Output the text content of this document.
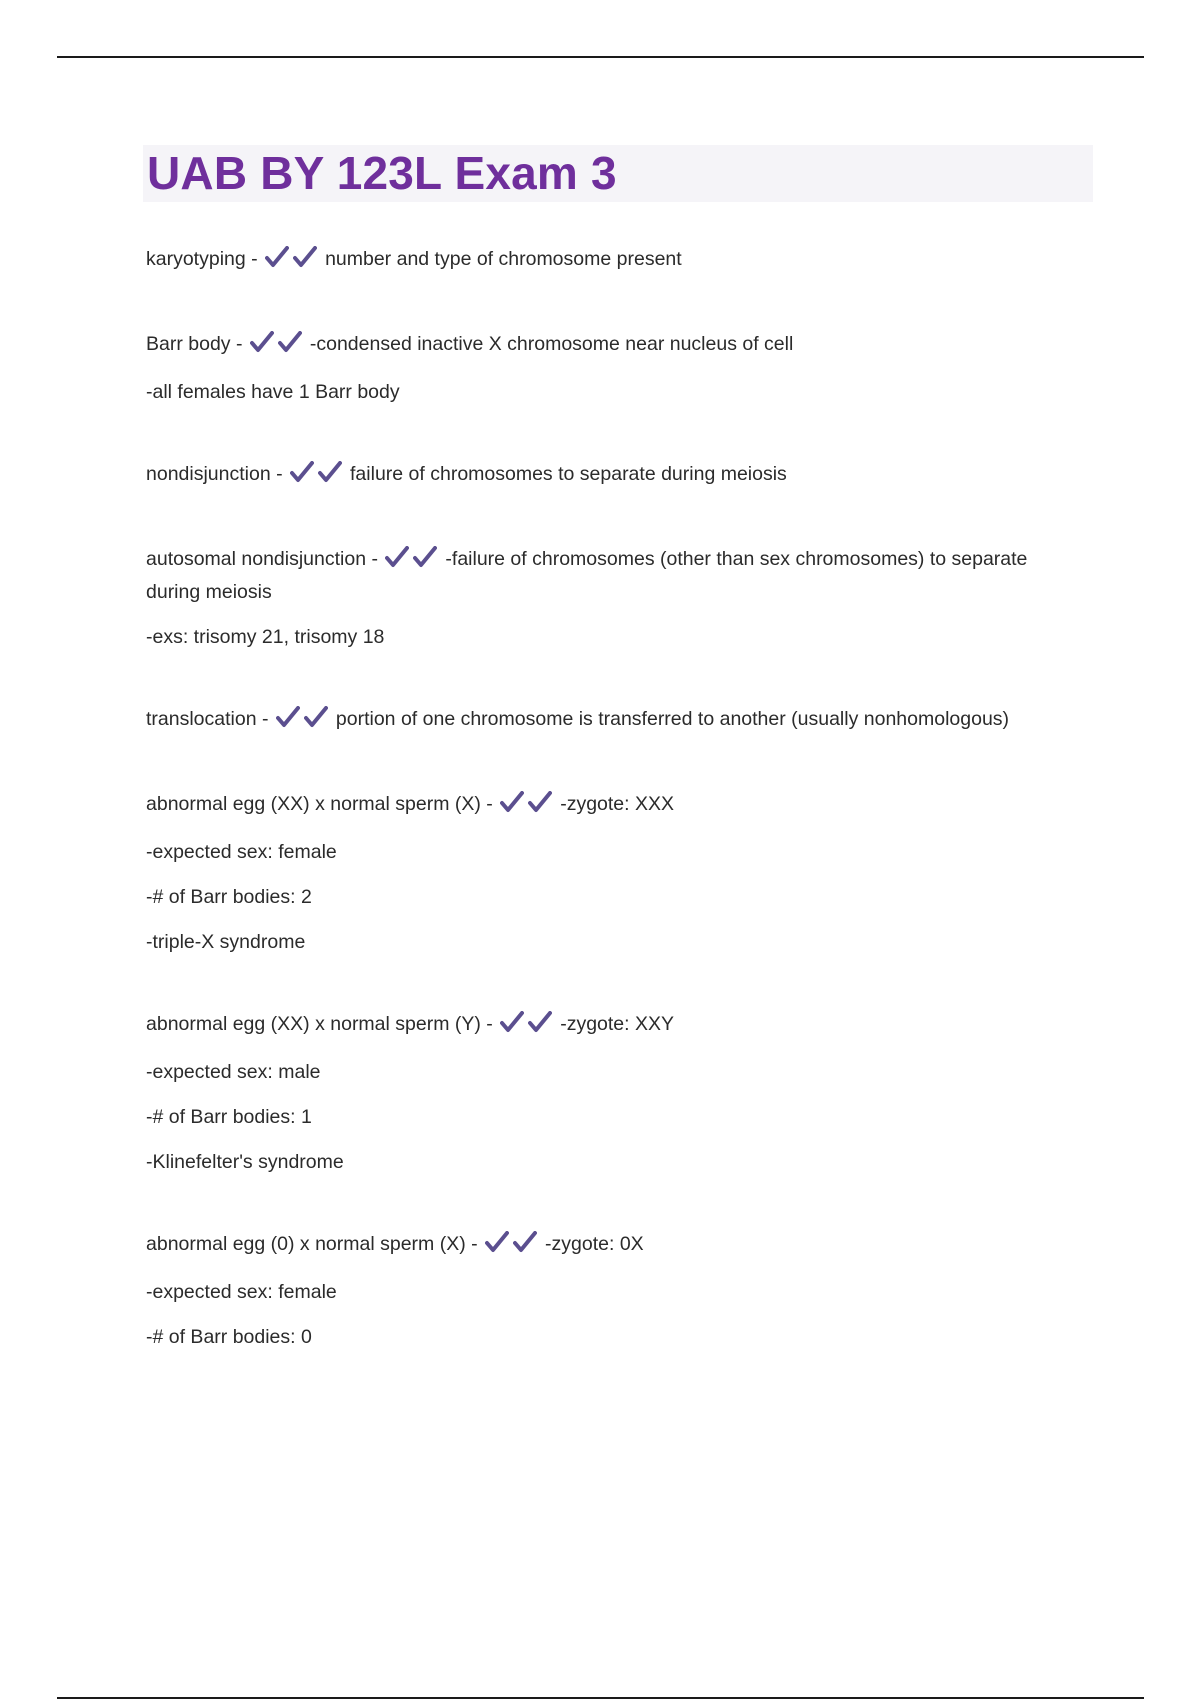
UAB BY 123L Exam 3
karyotyping -	number and type of chromosome present
Barr body -	-condensed inactive X chromosome near nucleus of cell
-all females have 1 Barr body
nondisjunction -	failure of chromosomes to separate during meiosis
autosomal nondisjunction -	-failure of chromosomes (other than sex chromosomes) to separate during meiosis
-exs: trisomy 21, trisomy 18
translocation -	portion of one chromosome is transferred to another (usually nonhomologous)
abnormal egg (XX) x normal sperm (X) -	-zygote: XXX
-expected sex: female
-# of Barr bodies: 2
-triple-X syndrome
abnormal egg (XX) x normal sperm (Y) -	-zygote: XXY
-expected sex: male
-# of Barr bodies: 1
-Klinefelter's syndrome
abnormal egg (0) x normal sperm (X) -	-zygote: 0X
-expected sex: female
-# of Barr bodies: 0
